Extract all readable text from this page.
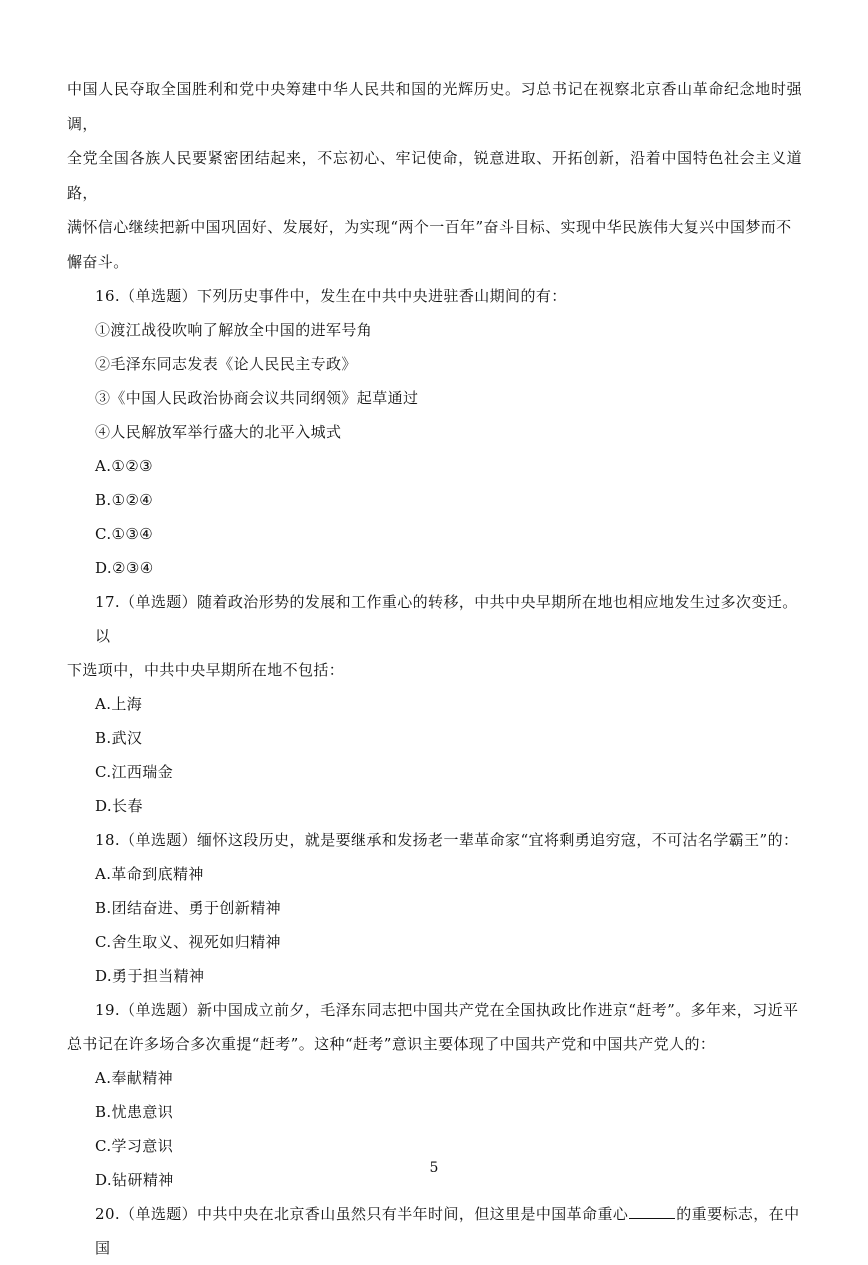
中国人民夺取全国胜利和党中央筹建中华人民共和国的光辉历史。习总书记在视察北京香山革命纪念地时强调，

全党全国各族人民要紧密团结起来，不忘初心、牢记使命，锐意进取、开拓创新，沿着中国特色社会主义道路，

满怀信心继续把新中国巩固好、发展好，为实现“两个一百年”奋斗目标、实现中华民族伟大复兴中国梦而不

懈奋斗。

16.（单选题）下列历史事件中，发生在中共中央进驻香山期间的有：

①渡江战役吹响了解放全中国的进军号角

②毛泽东同志发表《论人民民主专政》

③《中国人民政治协商会议共同纲领》起草通过

④人民解放军举行盛大的北平入城式

A.①②③

B.①②④

C.①③④

D.②③④

17.（单选题）随着政治形势的发展和工作重心的转移，中共中央早期所在地也相应地发生过多次变迁。以

下选项中，中共中央早期所在地不包括：

A.上海

B.武汉

C.江西瑞金

D.长春

18.（单选题）缅怀这段历史，就是要继承和发扬老一辈革命家“宜将剩勇追穷寇，不可沽名学霸王”的：

A.革命到底精神

B.团结奋进、勇于创新精神

C.舍生取义、视死如归精神

D.勇于担当精神

19.（单选题）新中国成立前夕，毛泽东同志把中国共产党在全国执政比作进京“赶考”。多年来，习近平

总书记在许多场合多次重提“赶考”。这种“赶考”意识主要体现了中国共产党和中国共产党人的：

A.奉献精神

B.忧患意识

C.学习意识

D.钻研精神

20.（单选题）中共中央在北京香山虽然只有半年时间，但这里是中国革命重心	的重要标志，在中国

5
